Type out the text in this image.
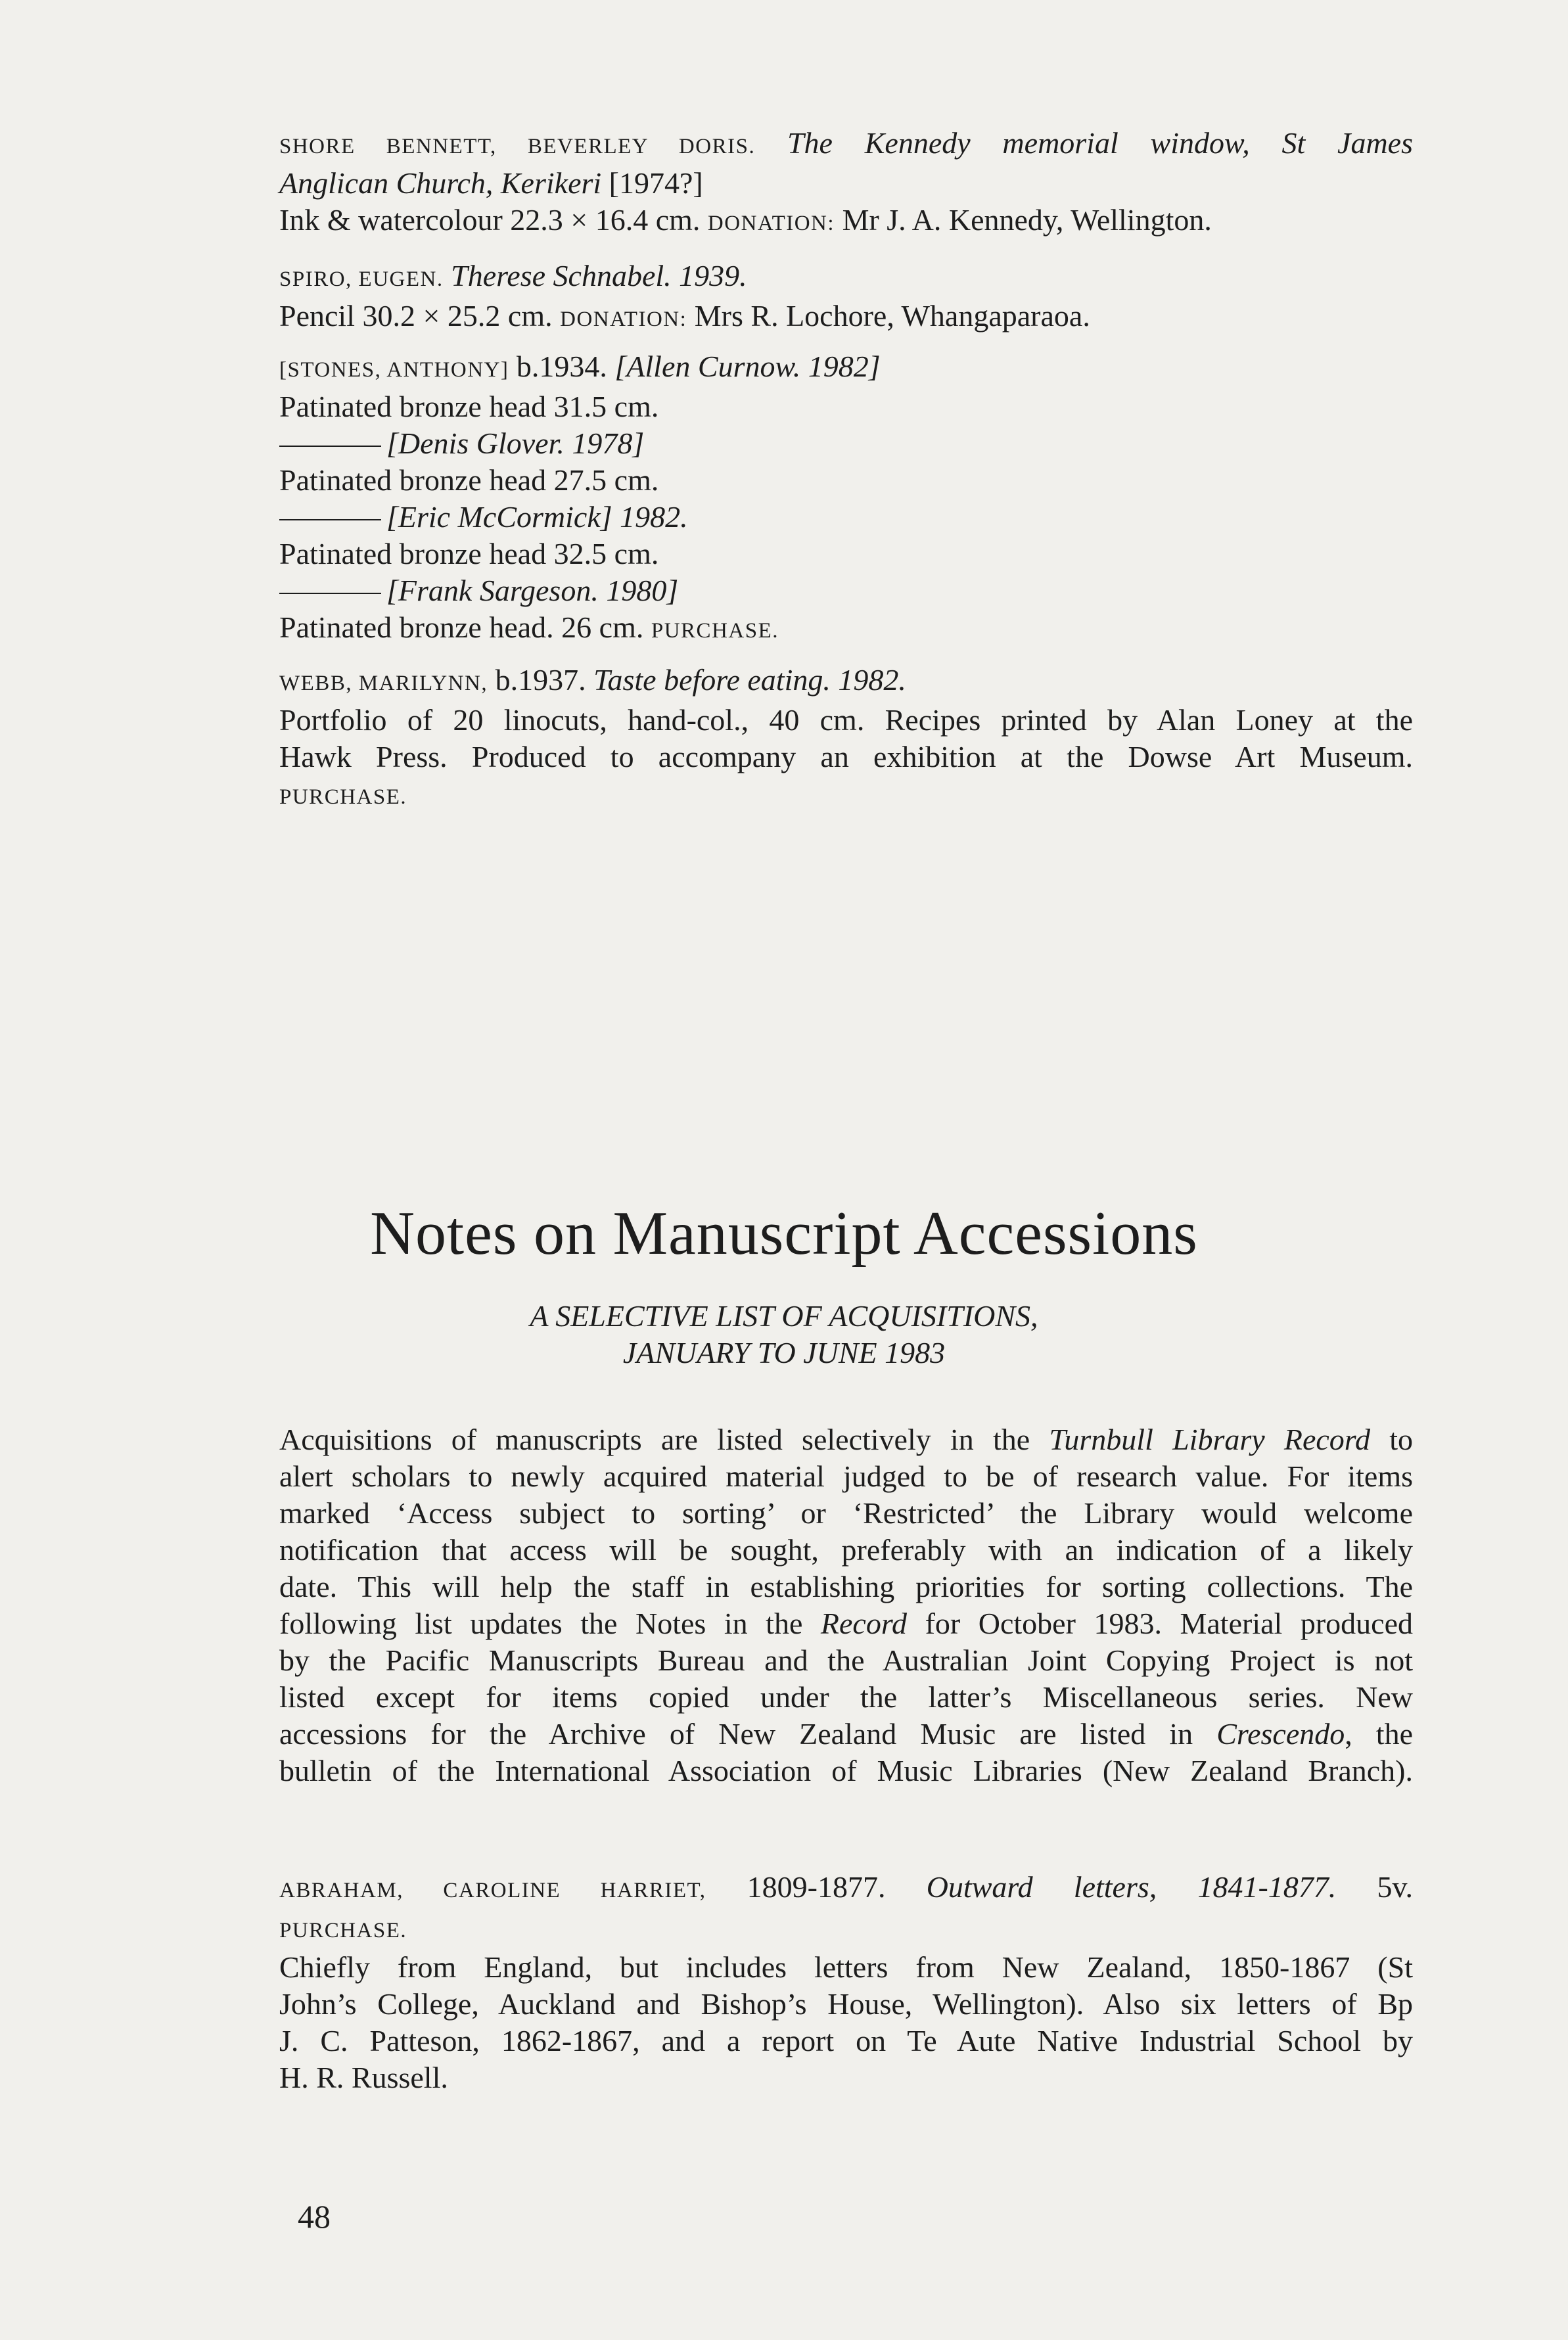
SHORE BENNETT, BEVERLEY DORIS. The Kennedy memorial window, St James
Anglican Church, Kerikeri [1974?]
Ink & watercolour 22.3 × 16.4 cm. DONATION: Mr J. A. Kennedy, Wellington.
SPIRO, EUGEN. Therese Schnabel. 1939.
Pencil 30.2 × 25.2 cm. DONATION: Mrs R. Lochore, Whangaparaoa.
[STONES, ANTHONY] b.1934. [Allen Curnow. 1982]
Patinated bronze head 31.5 cm.
[Denis Glover. 1978]
Patinated bronze head 27.5 cm.
[Eric McCormick] 1982.
Patinated bronze head 32.5 cm.
[Frank Sargeson. 1980]
Patinated bronze head. 26 cm. PURCHASE.
WEBB, MARILYNN, b.1937. Taste before eating. 1982.
Portfolio of 20 linocuts, hand-col., 40 cm. Recipes printed by Alan Loney at the
Hawk Press. Produced to accompany an exhibition at the Dowse Art Museum.
PURCHASE.
Notes on Manuscript Accessions
A SELECTIVE LIST OF ACQUISITIONS,
JANUARY TO JUNE 1983
Acquisitions of manuscripts are listed selectively in the Turnbull Library Record to
alert scholars to newly acquired material judged to be of research value. For items
marked ‘Access subject to sorting’ or ‘Restricted’ the Library would welcome
notification that access will be sought, preferably with an indication of a likely
date. This will help the staff in establishing priorities for sorting collections. The
following list updates the Notes in the Record for October 1983. Material produced
by the Pacific Manuscripts Bureau and the Australian Joint Copying Project is not
listed except for items copied under the latter’s Miscellaneous series. New
accessions for the Archive of New Zealand Music are listed in Crescendo, the
bulletin of the International Association of Music Libraries (New Zealand Branch).
ABRAHAM, CAROLINE HARRIET, 1809-1877. Outward letters, 1841-1877. 5v.
PURCHASE.
Chiefly from England, but includes letters from New Zealand, 1850-1867 (St
John’s College, Auckland and Bishop’s House, Wellington). Also six letters of Bp
J. C. Patteson, 1862-1867, and a report on Te Aute Native Industrial School by
H. R. Russell.
48
